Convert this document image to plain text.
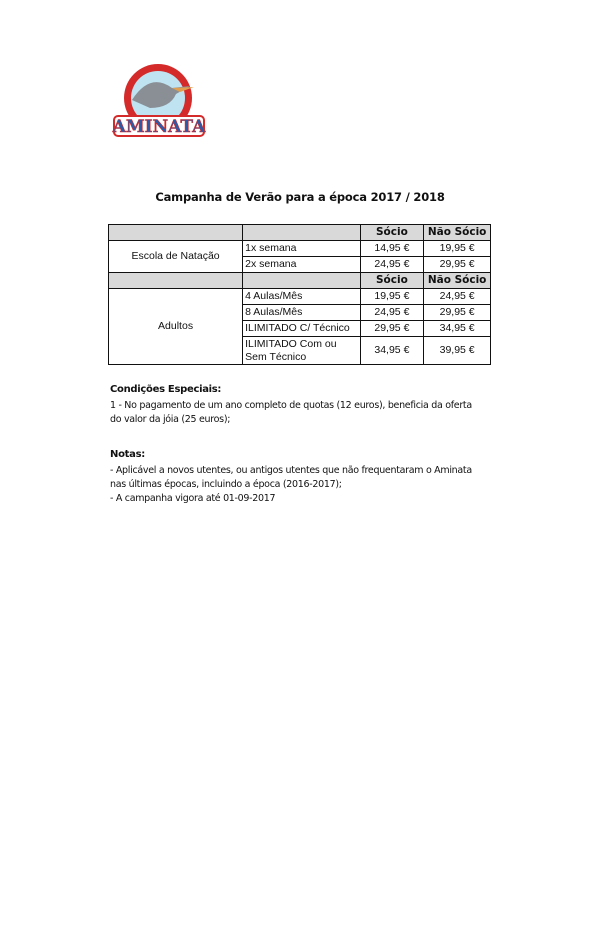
AMINATA
Campanha de Verão para a época 2017 / 2018
		Sócio	Não Sócio
Escola de Natação	1x semana	14,95 €	19,95 €
	2x semana	24,95 €	29,95 €
		Sócio	Não Sócio
Adultos	4 Aulas/Mês	19,95 €	24,95 €
	8 Aulas/Mês	24,95 €	29,95 €
	ILIMITADO C/ Técnico	29,95 €	34,95 €
	ILIMITADO Com ou Sem Técnico	34,95 €	39,95 €
Condições Especiais:
1 - No pagamento de um ano completo de quotas (12 euros), beneficia da oferta do valor da jóia (25 euros);
Notas:
- Aplicável a novos utentes, ou antigos utentes que não frequentaram o Aminata nas últimas épocas, incluindo a época (2016-2017);
- A campanha vigora até 01-09-2017
